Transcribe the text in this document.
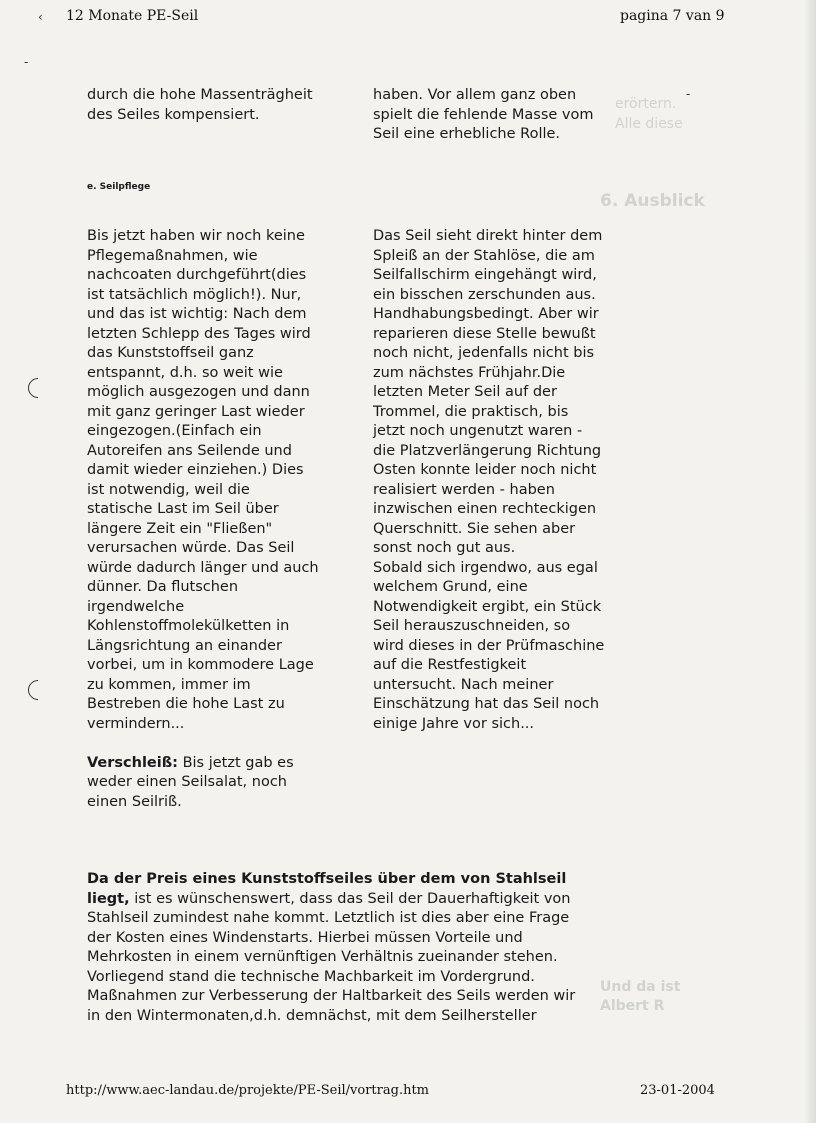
erörtern.
Alle diese
6. Ausblick
Und da ist
Albert R
12 Monate PE-Seil	pagina 7 van 9
‹
-
-

durch die hohe Massenträgheit

des Seiles kompensiert.

haben. Vor allem ganz oben

spielt die fehlende Masse vom

Seil eine erhebliche Rolle.

e. Seilpflege

Bis jetzt haben wir noch keine

Pflegemaßnahmen, wie

nachcoaten durchgeführt(dies

ist tatsächlich möglich!). Nur,

und das ist wichtig: Nach dem

letzten Schlepp des Tages wird

das Kunststoffseil ganz

entspannt, d.h. so weit wie

möglich ausgezogen und dann

mit ganz geringer Last wieder

eingezogen.(Einfach ein

Autoreifen ans Seilende und

damit wieder einziehen.) Dies

ist notwendig, weil die

statische Last im Seil über

längere Zeit ein "Fließen"

verursachen würde. Das Seil

würde dadurch länger und auch

dünner. Da flutschen

irgendwelche

Kohlenstoffmolekülketten in

Längsrichtung an einander

vorbei, um in kommodere Lage

zu kommen, immer im

Bestreben die hohe Last zu

vermindern...

Verschleiß: Bis jetzt gab es

weder einen Seilsalat, noch

einen Seilriß.

Das Seil sieht direkt hinter dem

Spleiß an der Stahlöse, die am

Seilfallschirm eingehängt wird,

ein bisschen zerschunden aus.

Handhabungsbedingt. Aber wir

reparieren diese Stelle bewußt

noch nicht, jedenfalls nicht bis

zum nächstes Frühjahr.Die

letzten Meter Seil auf der

Trommel, die praktisch, bis

jetzt noch ungenutzt waren -

die Platzverlängerung Richtung

Osten konnte leider noch nicht

realisiert werden - haben

inzwischen einen rechteckigen

Querschnitt. Sie sehen aber

sonst noch gut aus.

Sobald sich irgendwo, aus egal

welchem Grund, eine

Notwendigkeit ergibt, ein Stück

Seil herauszuschneiden, so

wird dieses in der Prüfmaschine

auf die Restfestigkeit

untersucht. Nach meiner

Einschätzung hat das Seil noch

einige Jahre vor sich...

Da der Preis eines Kunststoffseiles über dem von Stahlseil

liegt, ist es wünschenswert, dass das Seil der Dauerhaftigkeit von

Stahlseil zumindest nahe kommt. Letztlich ist dies aber eine Frage

der Kosten eines Windenstarts. Hierbei müssen Vorteile und

Mehrkosten in einem vernünftigen Verhältnis zueinander stehen.

Vorliegend stand die technische Machbarkeit im Vordergrund.

Maßnahmen zur Verbesserung der Haltbarkeit des Seils werden wir

in den Wintermonaten,d.h. demnächst, mit dem Seilhersteller

http://www.aec-landau.de/projekte/PE-Seil/vortrag.htm	23-01-2004
